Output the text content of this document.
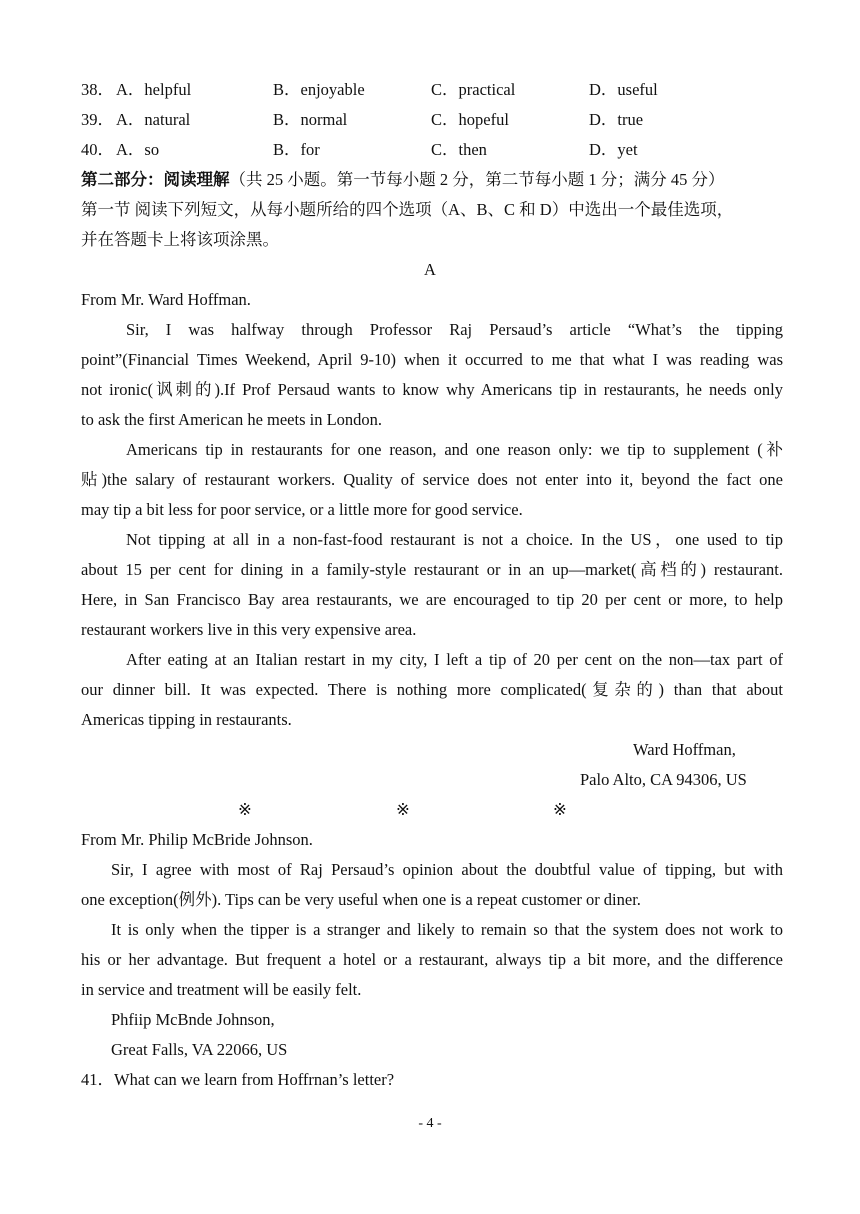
38． A．helpful	B．enjoyable	C．practical	D．useful
39． A．natural	B．normal	C．hopeful	D．true
40． A．so	B．for	C．then	D．yet
第二部分：阅读理解（共 25 小题。第一节每小题 2 分，第二节每小题 1 分；满分 45 分）
第一节 阅读下列短文，从每小题所给的四个选项（A、B、C 和 D）中选出一个最佳选项，
并在答题卡上将该项涂黑。
A
From Mr. Ward Hoffman.
Sir, I was halfway through Professor Raj Persaud’s article “What’s the tipping
point”(Financial Times Weekend, April 9-10) when it occurred to me that what I was reading was
not ironic(讽刺的).If Prof Persaud wants to know why Americans tip in restaurants, he needs only
to ask the first American he meets in London.
Americans tip in restaurants for one reason, and one reason only: we tip to supplement (补
贴)the salary of restaurant workers. Quality of service does not enter into it, beyond the fact one
may tip a bit less for poor service, or a little more for good service.
Not tipping at all in a non-fast-food restaurant is not a choice. In the US，one used to tip
about 15 per cent for dining in a family-style restaurant or in an up—market(高档的) restaurant.
Here, in San Francisco Bay area restaurants, we are encouraged to tip 20 per cent or more, to help
restaurant workers live in this very expensive area.
After eating at an Italian restart in my city, I left a tip of 20 per cent on the non—tax part of
our dinner bill. It was expected. There is nothing more complicated(复杂的) than that about
Americas tipping in restaurants.
Ward Hoffman,
Palo Alto, CA 94306, US
※	※	※
From Mr. Philip McBride Johnson.
Sir, I agree with most of Raj Persaud’s opinion about the doubtful value of tipping, but with
one exception(例外). Tips can be very useful when one is a repeat customer or diner.
It is only when the tipper is a stranger and likely to remain so that the system does not work to
his or her advantage. But frequent a hotel or a restaurant, always tip a bit more, and the difference
in service and treatment will be easily felt.
Phfiip McBnde Johnson,
Great Falls, VA 22066, US
41．What can we learn from Hoffrnan’s letter?
- 4 -
